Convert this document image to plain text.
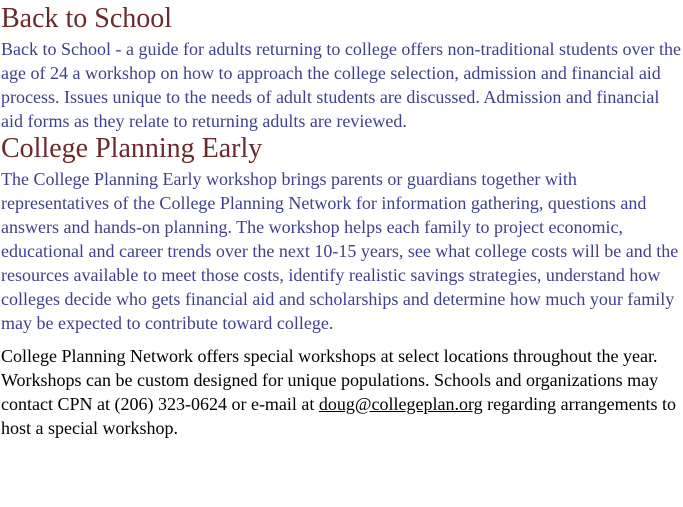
Back to School

Back to School - a guide for adults returning to college offers non-traditional students over the age of 24 a workshop on how to approach the college selection, admission and financial aid process. Issues unique to the needs of adult students are discussed. Admission and financial aid forms as they relate to returning adults are reviewed.

College Planning Early

The College Planning Early workshop brings parents or guardians together with representatives of the College Planning Network for information gathering, questions and answers and hands-on planning. The workshop helps each family to project economic, educational and career trends over the next 10-15 years, see what college costs will be and the resources available to meet those costs, identify realistic savings strategies, understand how colleges decide who gets financial aid and scholarships and determine how much your family may be expected to contribute toward college.

College Planning Network offers special workshops at select locations throughout the year. Workshops can be custom designed for unique populations. Schools and organizations may contact CPN at (206) 323-0624 or e-mail at doug@collegeplan.org regarding arrangements to host a special workshop.
